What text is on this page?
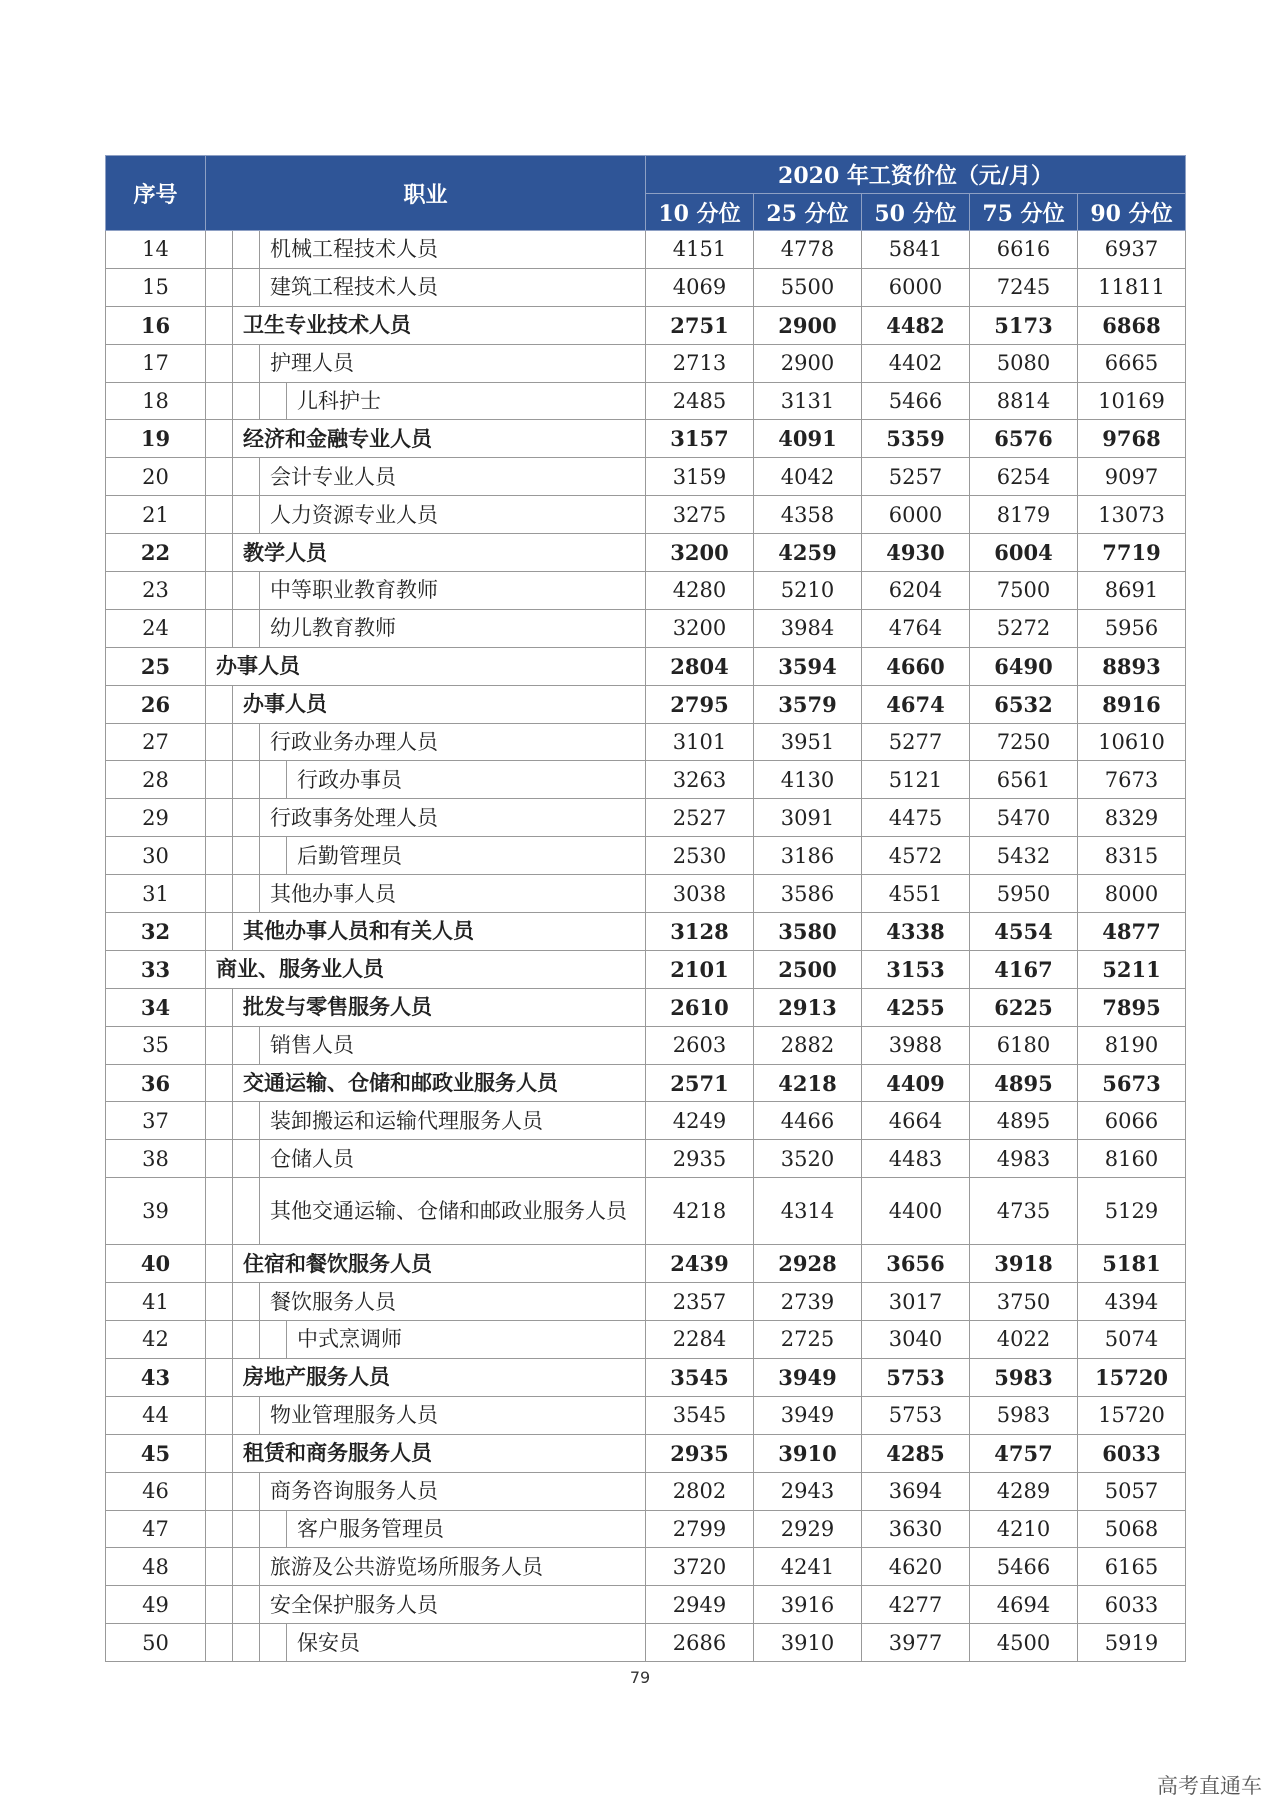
序号	职业				2020 年工资价位（元/月）				
					10 分位	25 分位	50 分位	75 分位	90 分位
14			机械工程技术人员		4151	4778	5841	6616	6937
15			建筑工程技术人员		4069	5500	6000	7245	11811
16		卫生专业技术人员			2751	2900	4482	5173	6868
17			护理人员		2713	2900	4402	5080	6665
18				儿科护士	2485	3131	5466	8814	10169
19		经济和金融专业人员			3157	4091	5359	6576	9768
20			会计专业人员		3159	4042	5257	6254	9097
21			人力资源专业人员		3275	4358	6000	8179	13073
22		教学人员			3200	4259	4930	6004	7719
23			中等职业教育教师		4280	5210	6204	7500	8691
24			幼儿教育教师		3200	3984	4764	5272	5956
25	办事人员				2804	3594	4660	6490	8893
26		办事人员			2795	3579	4674	6532	8916
27			行政业务办理人员		3101	3951	5277	7250	10610
28				行政办事员	3263	4130	5121	6561	7673
29			行政事务处理人员		2527	3091	4475	5470	8329
30				后勤管理员	2530	3186	4572	5432	8315
31			其他办事人员		3038	3586	4551	5950	8000
32		其他办事人员和有关人员			3128	3580	4338	4554	4877
33	商业、服务业人员				2101	2500	3153	4167	5211
34		批发与零售服务人员			2610	2913	4255	6225	7895
35			销售人员		2603	2882	3988	6180	8190
36		交通运输、仓储和邮政业服务人员			2571	4218	4409	4895	5673
37			装卸搬运和运输代理服务人员		4249	4466	4664	4895	6066
38			仓储人员		2935	3520	4483	4983	8160
39			其他交通运输、仓储和邮政业服务人员		4218	4314	4400	4735	5129
40		住宿和餐饮服务人员			2439	2928	3656	3918	5181
41			餐饮服务人员		2357	2739	3017	3750	4394
42				中式烹调师	2284	2725	3040	4022	5074
43		房地产服务人员			3545	3949	5753	5983	15720
44			物业管理服务人员		3545	3949	5753	5983	15720
45		租赁和商务服务人员			2935	3910	4285	4757	6033
46			商务咨询服务人员		2802	2943	3694	4289	5057
47				客户服务管理员	2799	2929	3630	4210	5068
48			旅游及公共游览场所服务人员		3720	4241	4620	5466	6165
49			安全保护服务人员		2949	3916	4277	4694	6033
50				保安员	2686	3910	3977	4500	5919
79
高考直通车
